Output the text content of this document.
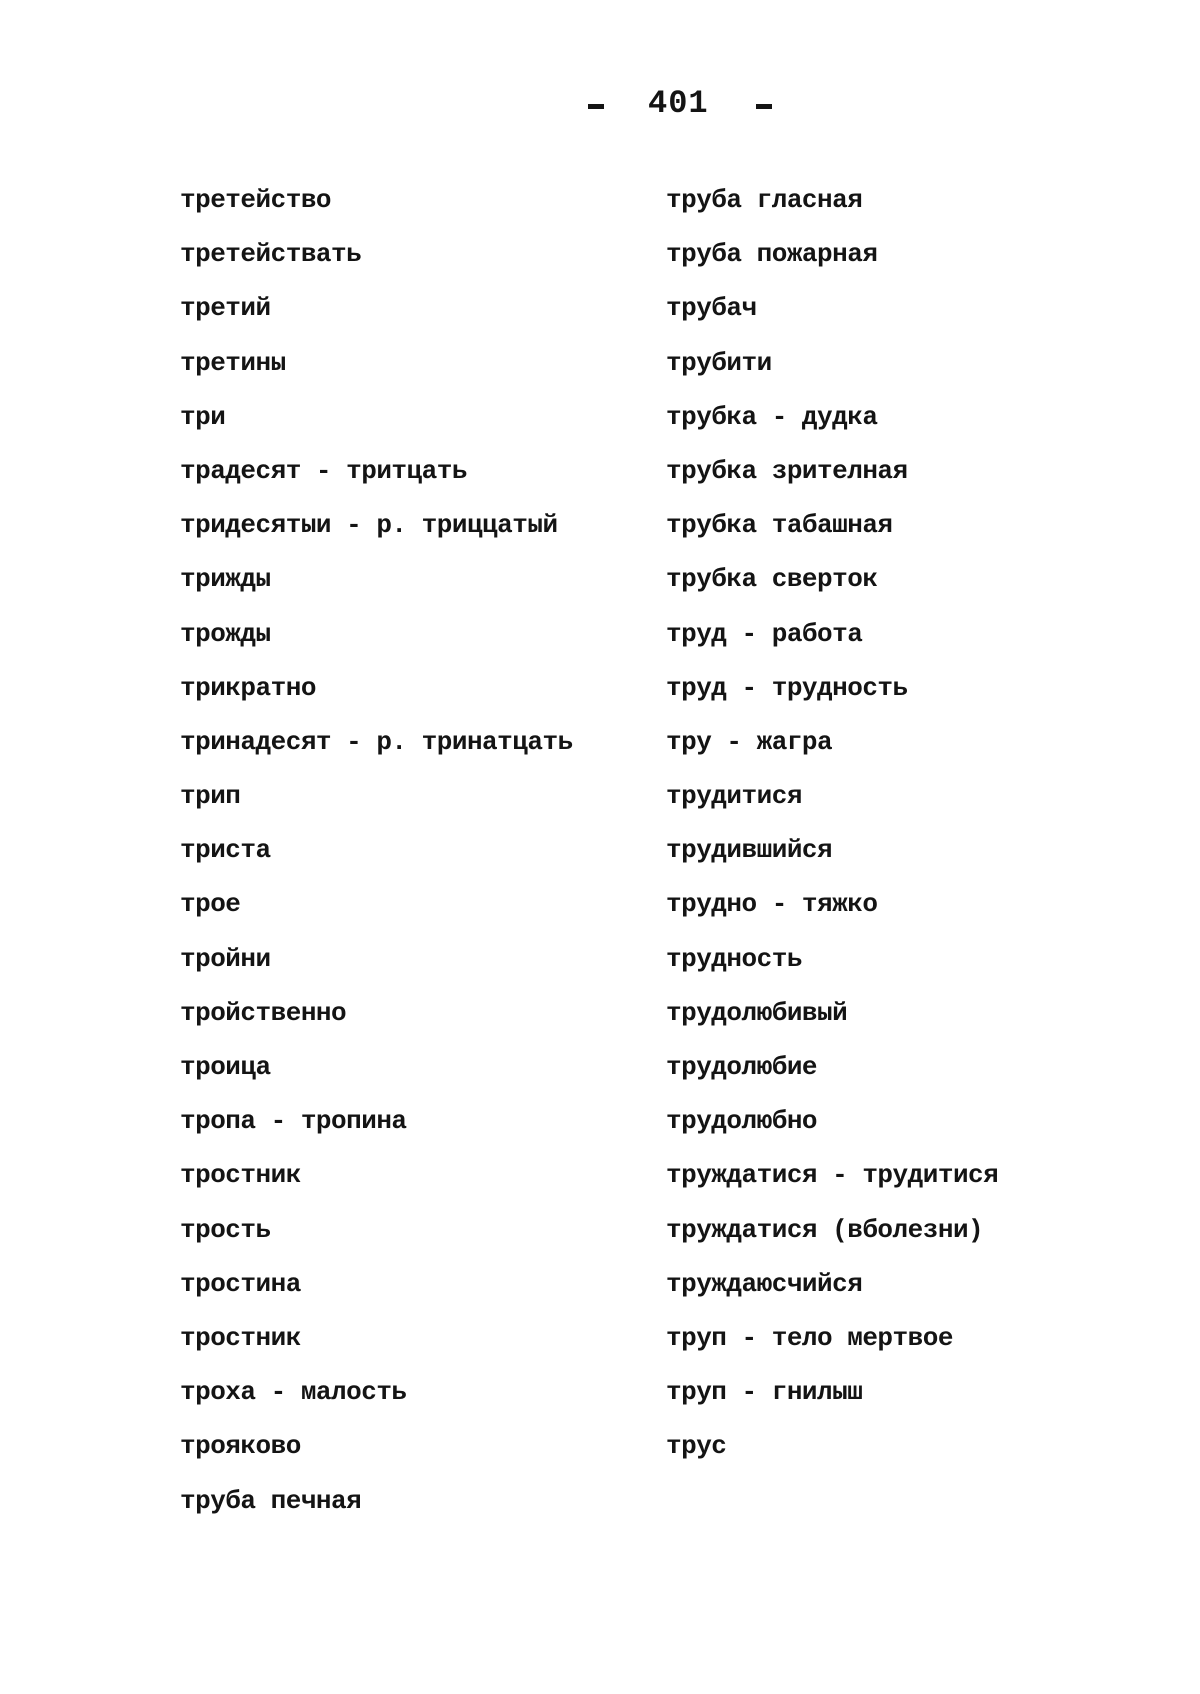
401
третейство
третействать
третий
третины
три
традесят - тритцать
тридесятыи - р. триццатый
трижды
трожды
трикратно
тринадесят - р. тринатцать
трип
триста
трое
тройни
тройственно
троица
тропа - тропина
тростник
трость
тростина
тростник
троха - малость
трояково
труба печная
труба гласная
труба пожарная
трубач
трубити
трубка - дудка
трубка зрителная
трубка табашная
трубка сверток
труд - работа
труд - трудность
тру - жагра
трудитися
трудившийся
трудно - тяжко
трудность
трудолюбивый
трудолюбие
трудолюбно
труждатися - трудитися
труждатися (вболезни)
труждаюсчийся
труп - тело мертвое
труп - гнилыш
трус
